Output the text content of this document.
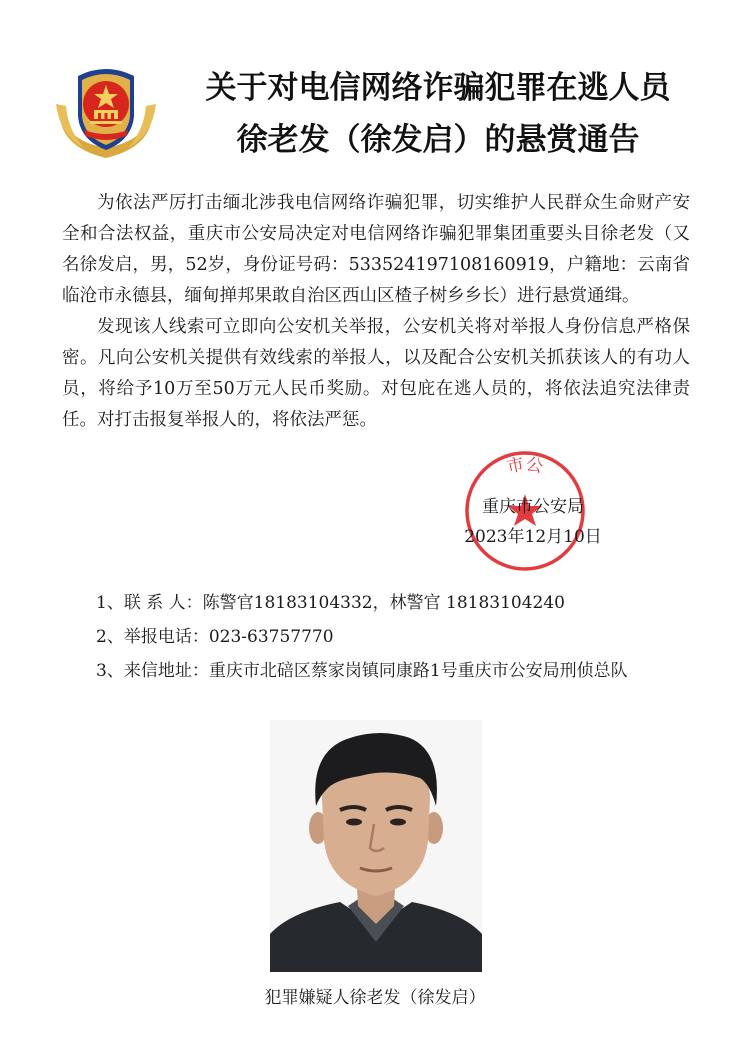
关于对电信网络诈骗犯罪在逃人员
徐老发（徐发启）的悬赏通告

为依法严厉打击缅北涉我电信网络诈骗犯罪，切实维护人民群众生命财产安全和合法权益，重庆市公安局决定对电信网络诈骗犯罪集团重要头目徐老发（又名徐发启，男，52岁，身份证号码：533524197108160919，户籍地：云南省临沧市永德县，缅甸掸邦果敢自治区西山区楂子树乡乡长）进行悬赏通缉。

发现该人线索可立即向公安机关举报，公安机关将对举报人身份信息严格保密。凡向公安机关提供有效线索的举报人，以及配合公安机关抓获该人的有功人员，将给予10万至50万元人民币奖励。对包庇在逃人员的，将依法追究法律责任。对打击报复举报人的，将依法严惩。

市公
重庆市公安局
2023年12月10日
1、联 系 人：陈警官18183104332，林警官 18183104240
2、举报电话：023-63757770
3、来信地址：重庆市北碚区蔡家岗镇同康路1号重庆市公安局刑侦总队
犯罪嫌疑人徐老发（徐发启）
